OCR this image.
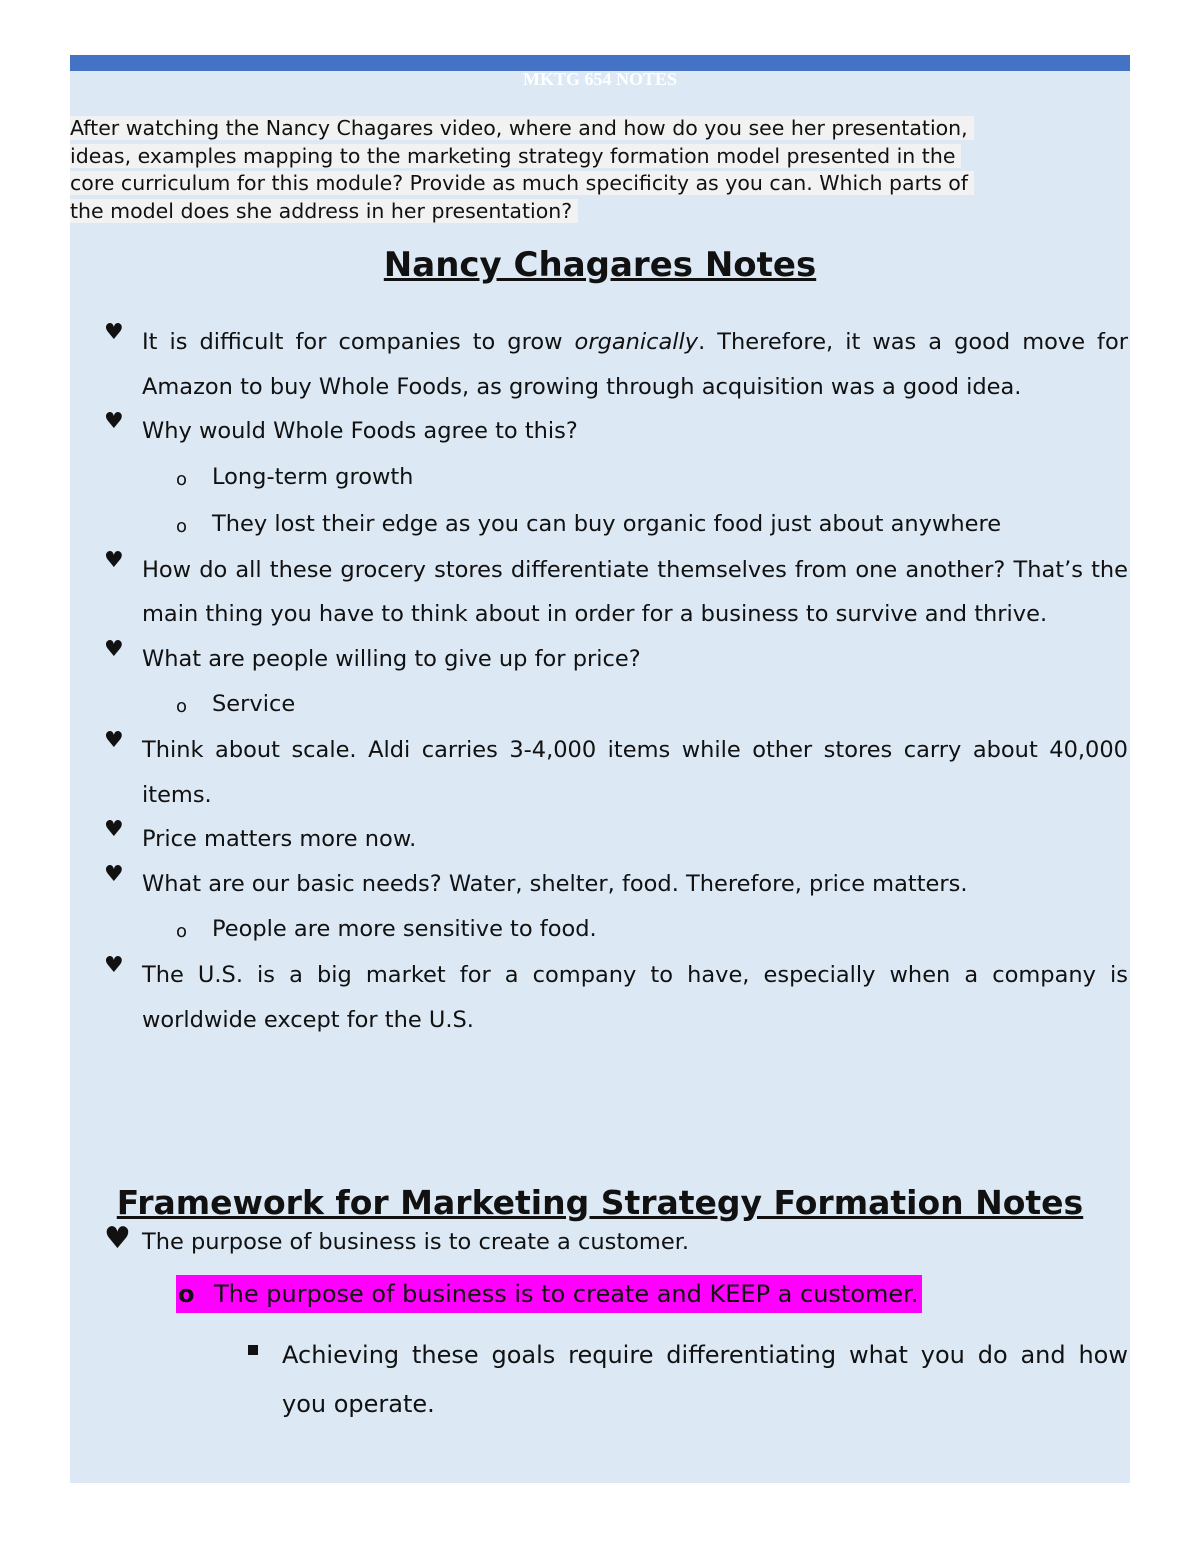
MKTG 654 NOTES
After watching the Nancy Chagares video, where and how do you see her presentation,
ideas, examples mapping to the marketing strategy formation model presented in the
core curriculum for this module? Provide as much specificity as you can. Which parts of
the model does she address in her presentation?
Nancy Chagares Notes
♥ It is difficult for companies to grow organically. Therefore, it was a good move for Amazon to buy Whole Foods, as growing through acquisition was a good idea.
♥ Why would Whole Foods agree to this?
o Long-term growth
o They lost their edge as you can buy organic food just about anywhere
♥ How do all these grocery stores differentiate themselves from one another? That’s the main thing you have to think about in order for a business to survive and thrive.
♥ What are people willing to give up for price?
o Service
♥ Think about scale. Aldi carries 3-4,000 items while other stores carry about 40,000 items.
♥ Price matters more now.
♥ What are our basic needs? Water, shelter, food. Therefore, price matters.
o People are more sensitive to food.
♥ The U.S. is a big market for a company to have, especially when a company is worldwide except for the U.S.
Framework for Marketing Strategy Formation Notes
♥ The purpose of business is to create a customer.
o The purpose of business is to create and KEEP a customer.
Achieving these goals require differentiating what you do and how you operate.
